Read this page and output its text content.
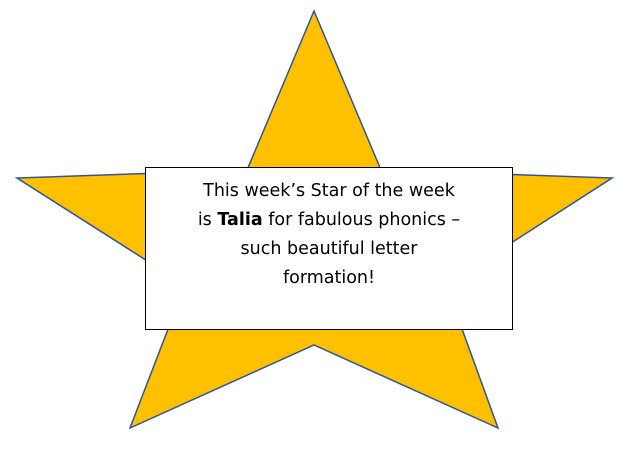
This week’s Star of the week
is Talia for fabulous phonics –
such beautiful letter
formation!
